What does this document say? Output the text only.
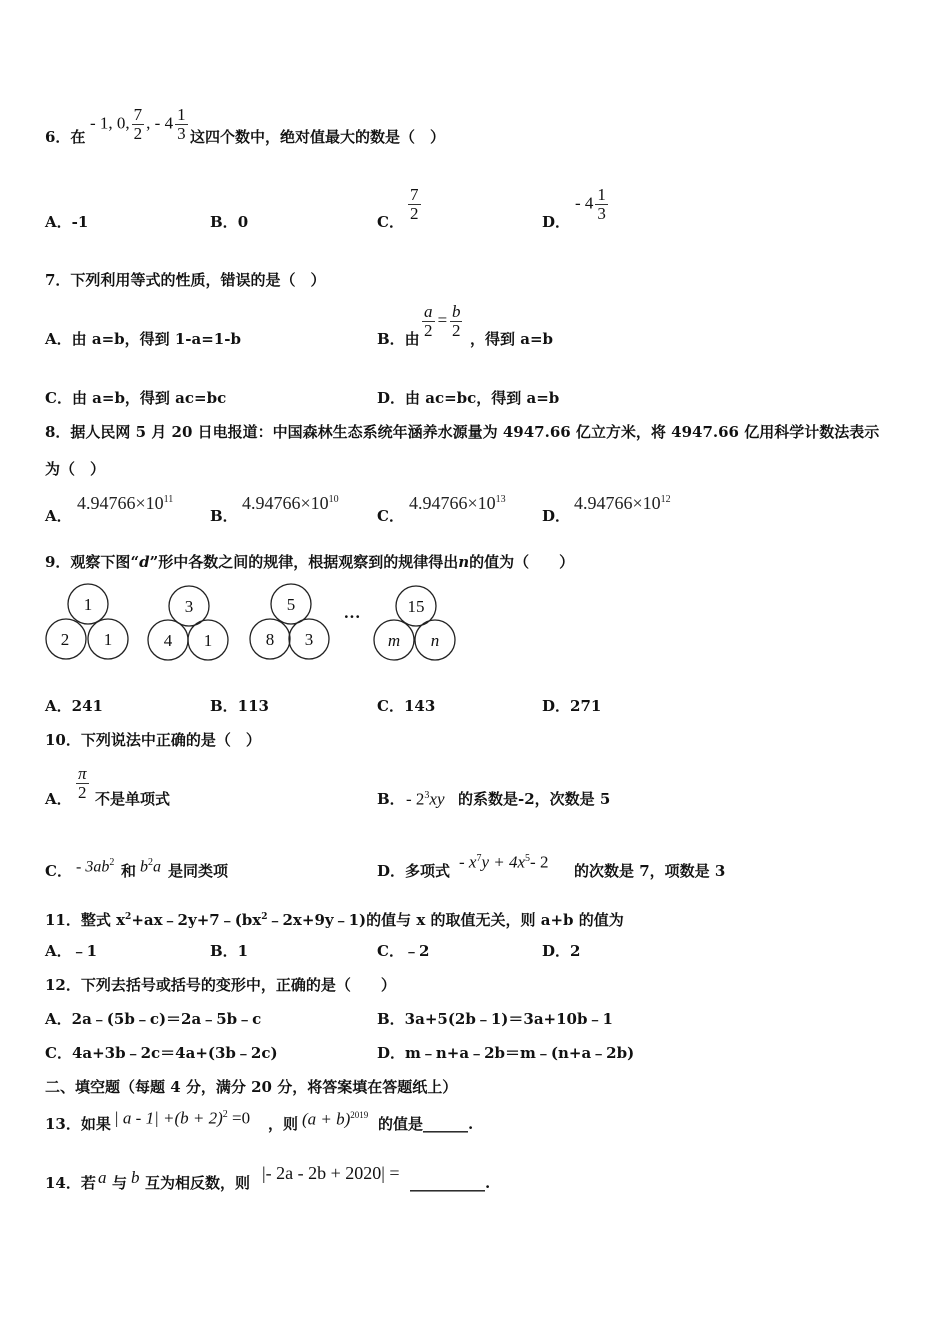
6．在
- 1, 0, $\frac{7}{2}$ , - $4 \frac{1}{3}$ 这四个数中，绝对值最大的数是（　）
A．-1	B．0	C． $\frac{7}{2}$	D．
- $4 \frac{1}{3}$
7．下列利用等式的性质，错误的是（　）
A．由 a=b，得到 1-a=1-b	B．由 $\frac{a}{2} = \frac{b}{2}$ ，得到 a=b
C．由 a=b，得到 ac=bc	D．由 ac=bc，得到 a=b
8．据人民网 5 月 20 日电报道：中国森林生态系统年涵养水源量为 4947.66 亿立方米，将 4947.66 亿用科学计数法表示
为（　）
A．
$4.94766\times 10^{11}$
B．
$4.94766\times 10^{10}$
C．
$4.94766\times 10^{13}$
D．
$4.94766\times 10^{12}$
9．观察下图“d”形中各数之间的规律，根据观察到的规律得出n的值为（　　）
1
2 1
3
4 1
5
8 3
···
15
m n
A．241	B．113	C．143	D．271
10．下列说法中正确的是（　）
A． $\frac{\pi}{2}$ 不是单项式	B． - $2^3xy$ 的系数是-2，次数是 5
C． - $3ab^2$ 和 $b^2a$ 是同类项	D．多项式 - $x^7y + 4x^5-$ 2 的次数是 7，项数是 3
11．整式 $x^2+ax﹣2y+7﹣(bx^2﹣2x+9y﹣1)$的值与 x 的取值无关，则 a+b 的值为
A．﹣1	B．1	C．﹣2	D．2
12．下列去括号或括号的变形中，正确的是（　　）
A．2a﹣(5b﹣c)＝2a﹣5b﹣c	B．3a+5(2b﹣1)＝3a+10b﹣1
C．4a+3b﹣2c＝4a+(3b﹣2c)	D．m﹣n+a﹣2b＝m﹣(n+a﹣2b)
二、填空题（每题 4 分，满分 20 分，将答案填在答题纸上）
13．如果 | $a - 1| +(b + 2)^2 =0$ ，则 $(a + b)^{2019}$ 的值是______.
14．若 a 与 b 互为相反数，则 |- 2a - 2b + 2020| = __________.
